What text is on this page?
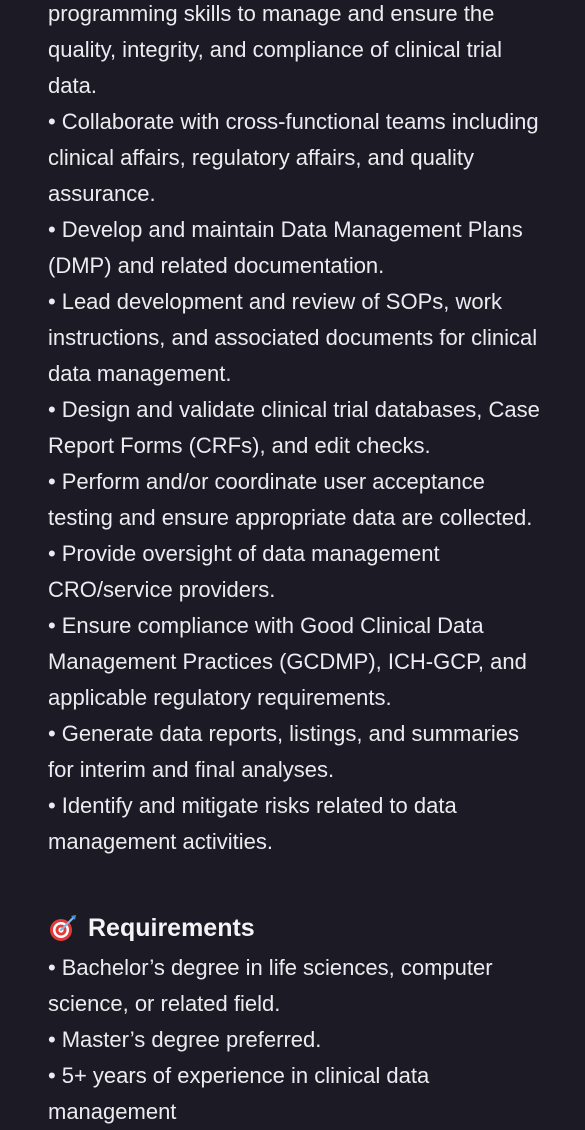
programming skills to manage and ensure the quality, integrity, and compliance of clinical trial data.

• Collaborate with cross-functional teams including clinical affairs, regulatory affairs, and quality assurance.
• Develop and maintain Data Management Plans (DMP) and related documentation.
• Lead development and review of SOPs, work instructions, and associated documents for clinical data management.
• Design and validate clinical trial databases, Case Report Forms (CRFs), and edit checks.
• Perform and/or coordinate user acceptance testing and ensure appropriate data are collected.
• Provide oversight of data management CRO/service providers.
• Ensure compliance with Good Clinical Data Management Practices (GCDMP), ICH-GCP, and applicable regulatory requirements.
• Generate data reports, listings, and summaries for interim and final analyses.
• Identify and mitigate risks related to data management activities.
Requirements
• Bachelor’s degree in life sciences, computer science, or related field.
• Master’s degree preferred.
• 5+ years of experience in clinical data management
